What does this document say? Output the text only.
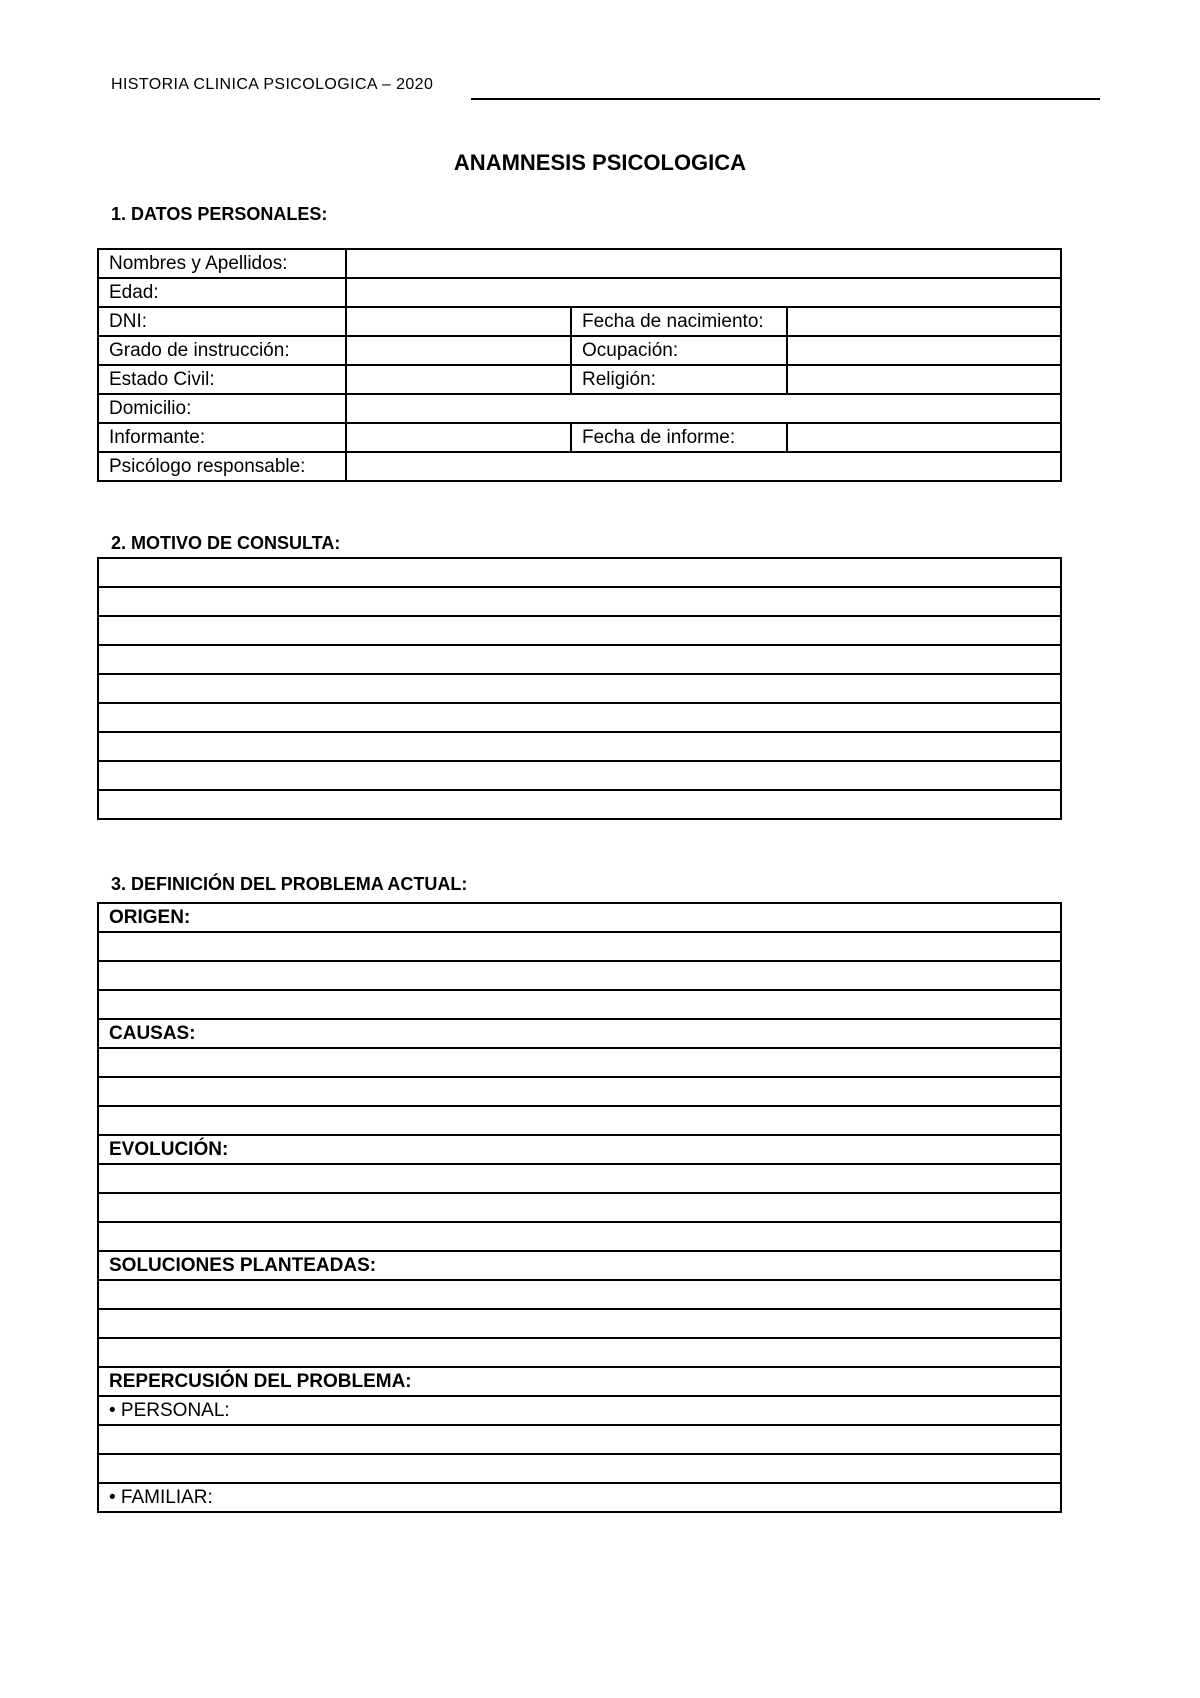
HISTORIA CLINICA PSICOLOGICA – 2020
ANAMNESIS PSICOLOGICA
1. DATOS PERSONALES:
Nombres y Apellidos:			
Edad:			
DNI:		Fecha de nacimiento:	
Grado de instrucción:		Ocupación:	
Estado Civil:		Religión:	
Domicilio:			
Informante:		Fecha de informe:	
Psicólogo responsable:			
2. MOTIVO DE CONSULTA:

3. DEFINICIÓN DEL PROBLEMA ACTUAL:
ORIGEN:

CAUSAS:

EVOLUCIÓN:

SOLUCIONES PLANTEADAS:

REPERCUSIÓN DEL PROBLEMA:
• PERSONAL:

• FAMILIAR:
